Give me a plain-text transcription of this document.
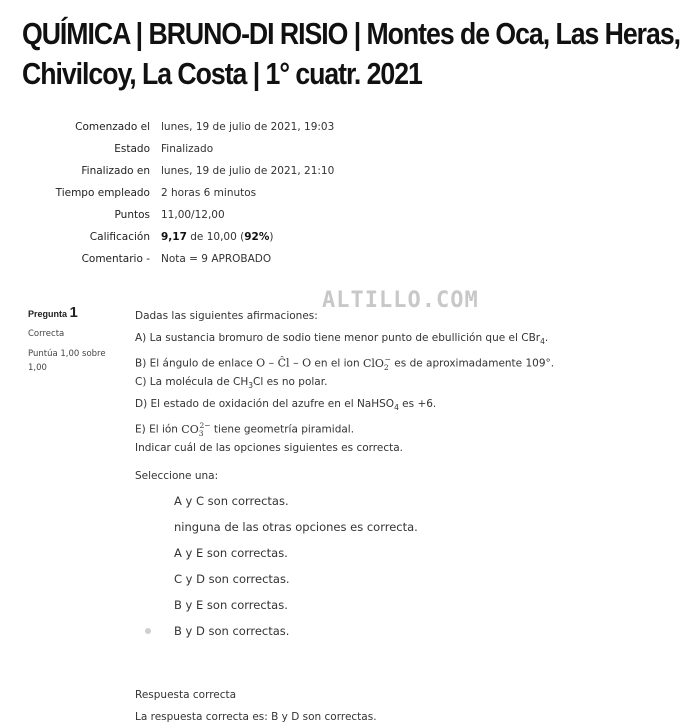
QUÍMICA | BRUNO-DI RISIO | Montes de Oca, Las Heras,
Chivilcoy, La Costa | 1° cuatr. 2021
Comenzado el	lunes, 19 de julio de 2021, 19:03
Estado	Finalizado
Finalizado en	lunes, 19 de julio de 2021, 21:10
Tiempo empleado	2 horas 6 minutos
Puntos	11,00/12,00
Calificación	9,17 de 10,00 (92%)
Comentario -	Nota = 9 APROBADO
Pregunta 1
Correcta
Puntúa 1,00 sobre 1,00
ALTILLO.COM
Dadas las siguientes afirmaciones:
A) La sustancia bromuro de sodio tiene menor punto de ebullición que el CBr$_4$.
B) El ángulo de enlace O – Ĉl – O en el ion ClO$_2$− es de aproximadamente 109°.
C) La molécula de $CH_3Cl$ es no polar.
D) El estado de oxidación del azufre en el NaHSO$_4$ es +6.
E) El ión $CO_3^{2-}$ tiene geometría piramidal.
Indicar cuál de las opciones siguientes es correcta.
Seleccione una:
A y C son correctas.
ninguna de las otras opciones es correcta.
A y E son correctas.
C y D son correctas.
B y E son correctas.
B y D son correctas.
Respuesta correcta
La respuesta correcta es: B y D son correctas.
